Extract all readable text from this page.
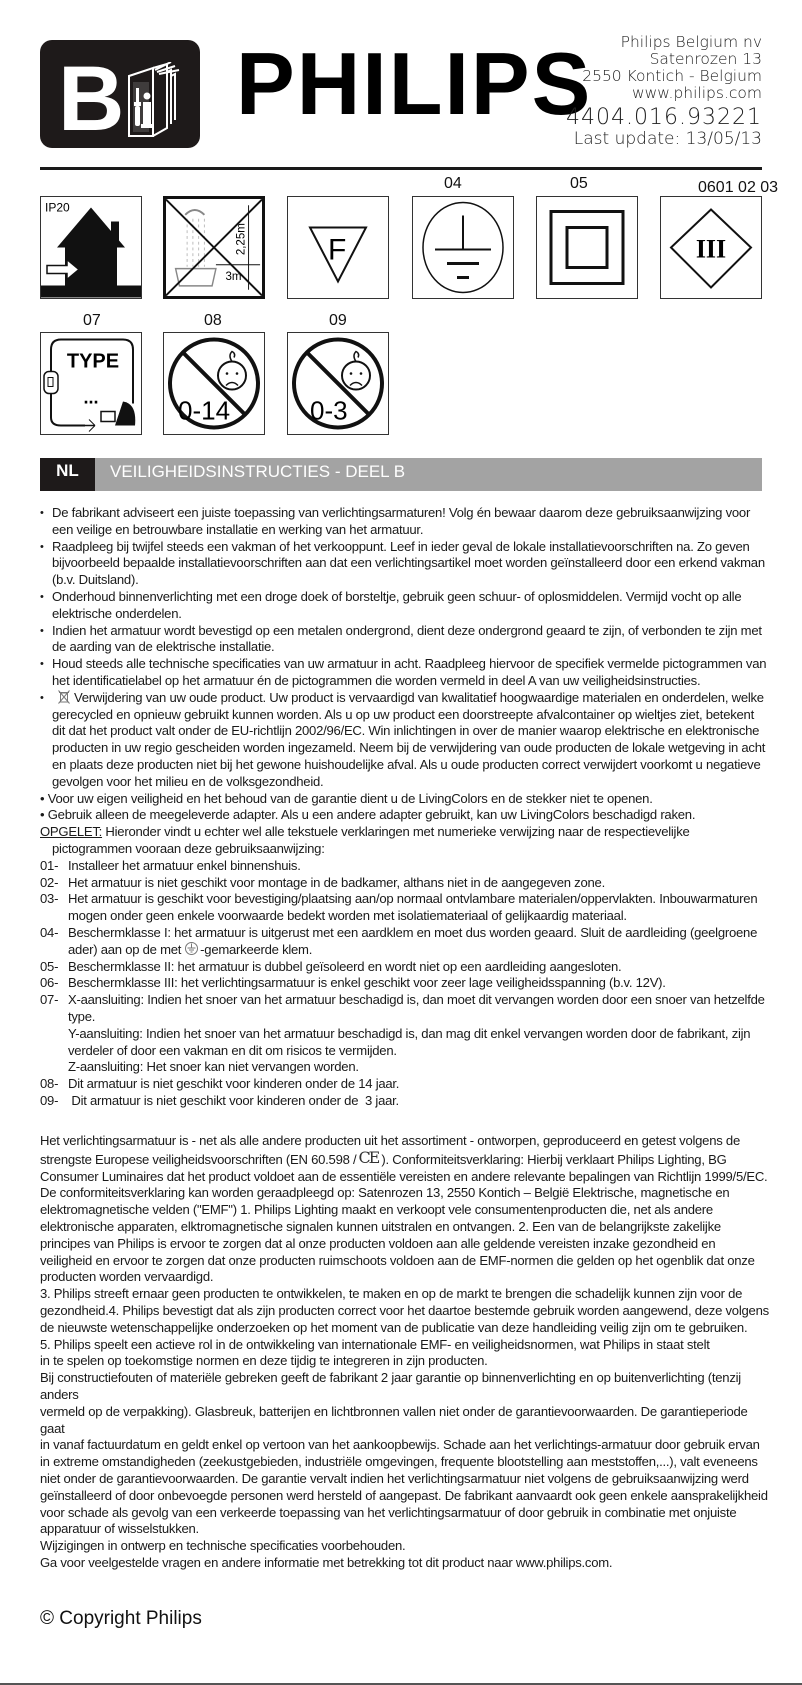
B PHILIPS	Philips Belgium nv
Satenrozen 13
2550 Kontich - Belgium
www.philips.com
4404.016.93221
Last update: 13/05/13
IP20
2,25m
3m
F
04	05	0601 02 03
III
07
TYPE
...
08
0-14
09
0-3
NL	VEILIGHEIDSINSTRUCTIES - DEEL B
• De fabrikant adviseert een juiste toepassing van verlichtingsarmaturen! Volg én bewaar daarom deze gebruiksaanwijzing voor een veilige en betrouwbare installatie en werking van het armatuur.
• Raadpleeg bij twijfel steeds een vakman of het verkooppunt. Leef in ieder geval de lokale installatievoorschriften na. Zo geven bijvoorbeeld bepaalde installatievoorschriften aan dat een verlichtingsartikel moet worden geïnstalleerd door een erkend vakman (b.v. Duitsland).
• Onderhoud binnenverlichting met een droge doek of borsteltje, gebruik geen schuur- of oplosmiddelen. Vermijd vocht op alle elektrische onderdelen.
• Indien het armatuur wordt bevestigd op een metalen ondergrond, dient deze ondergrond geaard te zijn, of verbonden te zijn met de aarding van de elektrische installatie.
• Houd steeds alle technische specificaties van uw armatuur in acht. Raadpleeg hiervoor de specifiek vermelde pictogrammen van het identificatielabel op het armatuur én de pictogrammen die worden vermeld in deel A van uw veiligheidsinstructies.
• Verwijdering van uw oude product. Uw product is vervaardigd van kwalitatief hoogwaardige materialen en onderdelen, welke gerecycled en opnieuw gebruikt kunnen worden. Als u op uw product een doorstreepte afvalcontainer op wieltjes ziet, betekent dit dat het product valt onder de EU-richtlijn 2002/96/EC. Win inlichtingen in over de manier waarop elektrische en elektronische producten in uw regio gescheiden worden ingezameld. Neem bij de verwijdering van oude producten de lokale wetgeving in acht en plaats deze producten niet bij het gewone huishoudelijke afval. Als u oude producten correct verwijdert voorkomt u negatieve gevolgen voor het milieu en de volksgezondheid.
• Voor uw eigen veiligheid en het behoud van de garantie dient u de LivingColors en de stekker niet te openen.
• Gebruik alleen de meegeleverde adapter. Als u een andere adapter gebruikt, kan uw LivingColors beschadigd raken.
OPGELET: Hieronder vindt u echter wel alle tekstuele verklaringen met numerieke verwijzing naar de respectievelijke pictogrammen vooraan deze gebruiksaanwijzing:
01- Installeer het armatuur enkel binnenshuis.
02- Het armatuur is niet geschikt voor montage in de badkamer, althans niet in de aangegeven zone.
03- Het armatuur is geschikt voor bevestiging/plaatsing aan/op normaal ontvlambare materialen/oppervlakten. Inbouwarmaturen mogen onder geen enkele voorwaarde bedekt worden met isolatiemateriaal of gelijkaardig materiaal.
04- Beschermklasse I: het armatuur is uitgerust met een aardklem en moet dus worden geaard. Sluit de aardleiding (geelgroene ader) aan op de met -gemarkeerde klem.
05- Beschermklasse II: het armatuur is dubbel geïsoleerd en wordt niet op een aardleiding aangesloten.
06- Beschermklasse III: het verlichtingsarmatuur is enkel geschikt voor zeer lage veiligheidsspanning (b.v. 12V).
07- X-aansluiting: Indien het snoer van het armatuur beschadigd is, dan moet dit vervangen worden door een snoer van hetzelfde type.
Y-aansluiting: Indien het snoer van het armatuur beschadigd is, dan mag dit enkel vervangen worden door de fabrikant, zijn verdeler of door een vakman en dit om risicos te vermijden.
Z-aansluiting: Het snoer kan niet vervangen worden.
08- Dit armatuur is niet geschikt voor kinderen onder de 14 jaar.
09- Dit armatuur is niet geschikt voor kinderen onder de  3 jaar.
Het verlichtingsarmatuur is - net als alle andere producten uit het assortiment - ontworpen, geproduceerd en getest volgens de strengste Europese veiligheidsvoorschriften (EN 60.598 / CE ). Conformiteitsverklaring: Hierbij verklaart Philips Lighting, BG Consumer Luminaires dat het product voldoet aan de essentiële vereisten en andere relevante bepalingen van Richtlijn 1999/5/EC.
De conformiteitsverklaring kan worden geraadpleegd op: Satenrozen 13, 2550 Kontich – België Elektrische, magnetische en elektromagnetische velden ("EMF") 1. Philips Lighting maakt en verkoopt vele consumentenproducten die, net als andere elektronische apparaten, elktromagnetische signalen kunnen uitstralen en ontvangen. 2. Een van de belangrijkste zakelijke principes van Philips is ervoor te zorgen dat al onze producten voldoen aan alle geldende vereisten inzake gezondheid en veiligheid en ervoor te zorgen dat onze producten ruimschoots voldoen aan de EMF-normen die gelden op het ogenblik dat onze producten worden vervaardigd.
3. Philips streeft ernaar geen producten te ontwikkelen, te maken en op de markt te brengen die schadelijk kunnen zijn voor de gezondheid.4. Philips bevestigt dat als zijn producten correct voor het daartoe bestemde gebruik worden aangewend, deze volgens de nieuwste wetenschappelijke onderzoeken op het moment van de publicatie van deze handleiding veilig zijn om te gebruiken.
5. Philips speelt een actieve rol in de ontwikkeling van internationale EMF- en veiligheidsnormen, wat Philips in staat stelt
in te spelen op toekomstige normen en deze tijdig te integreren in zijn producten.
Bij constructiefouten of materiële gebreken geeft de fabrikant 2 jaar garantie op binnenverlichting en op buitenverlichting (tenzij anders
vermeld op de verpakking). Glasbreuk, batterijen en lichtbronnen vallen niet onder de garantievoorwaarden. De garantieperiode gaat
in vanaf factuurdatum en geldt enkel op vertoon van het aankoopbewijs. Schade aan het verlichtings-armatuur door gebruik ervan
in extreme omstandigheden (zeekustgebieden, industriële omgevingen, frequente blootstelling aan meststoffen,...), valt eveneens
niet onder de garantievoorwaarden. De garantie vervalt indien het verlichtingsarmatuur niet volgens de gebruiksaanwijzing werd
geïnstalleerd of door onbevoegde personen werd hersteld of aangepast. De fabrikant aanvaardt ook geen enkele aansprakelijkheid
voor schade als gevolg van een verkeerde toepassing van het verlichtingsarmatuur of door gebruik in combinatie met onjuiste
apparatuur of wisselstukken.
Wijzigingen in ontwerp en technische specificaties voorbehouden.
Ga voor veelgestelde vragen en andere informatie met betrekking tot dit product naar www.philips.com.
© Copyright Philips
